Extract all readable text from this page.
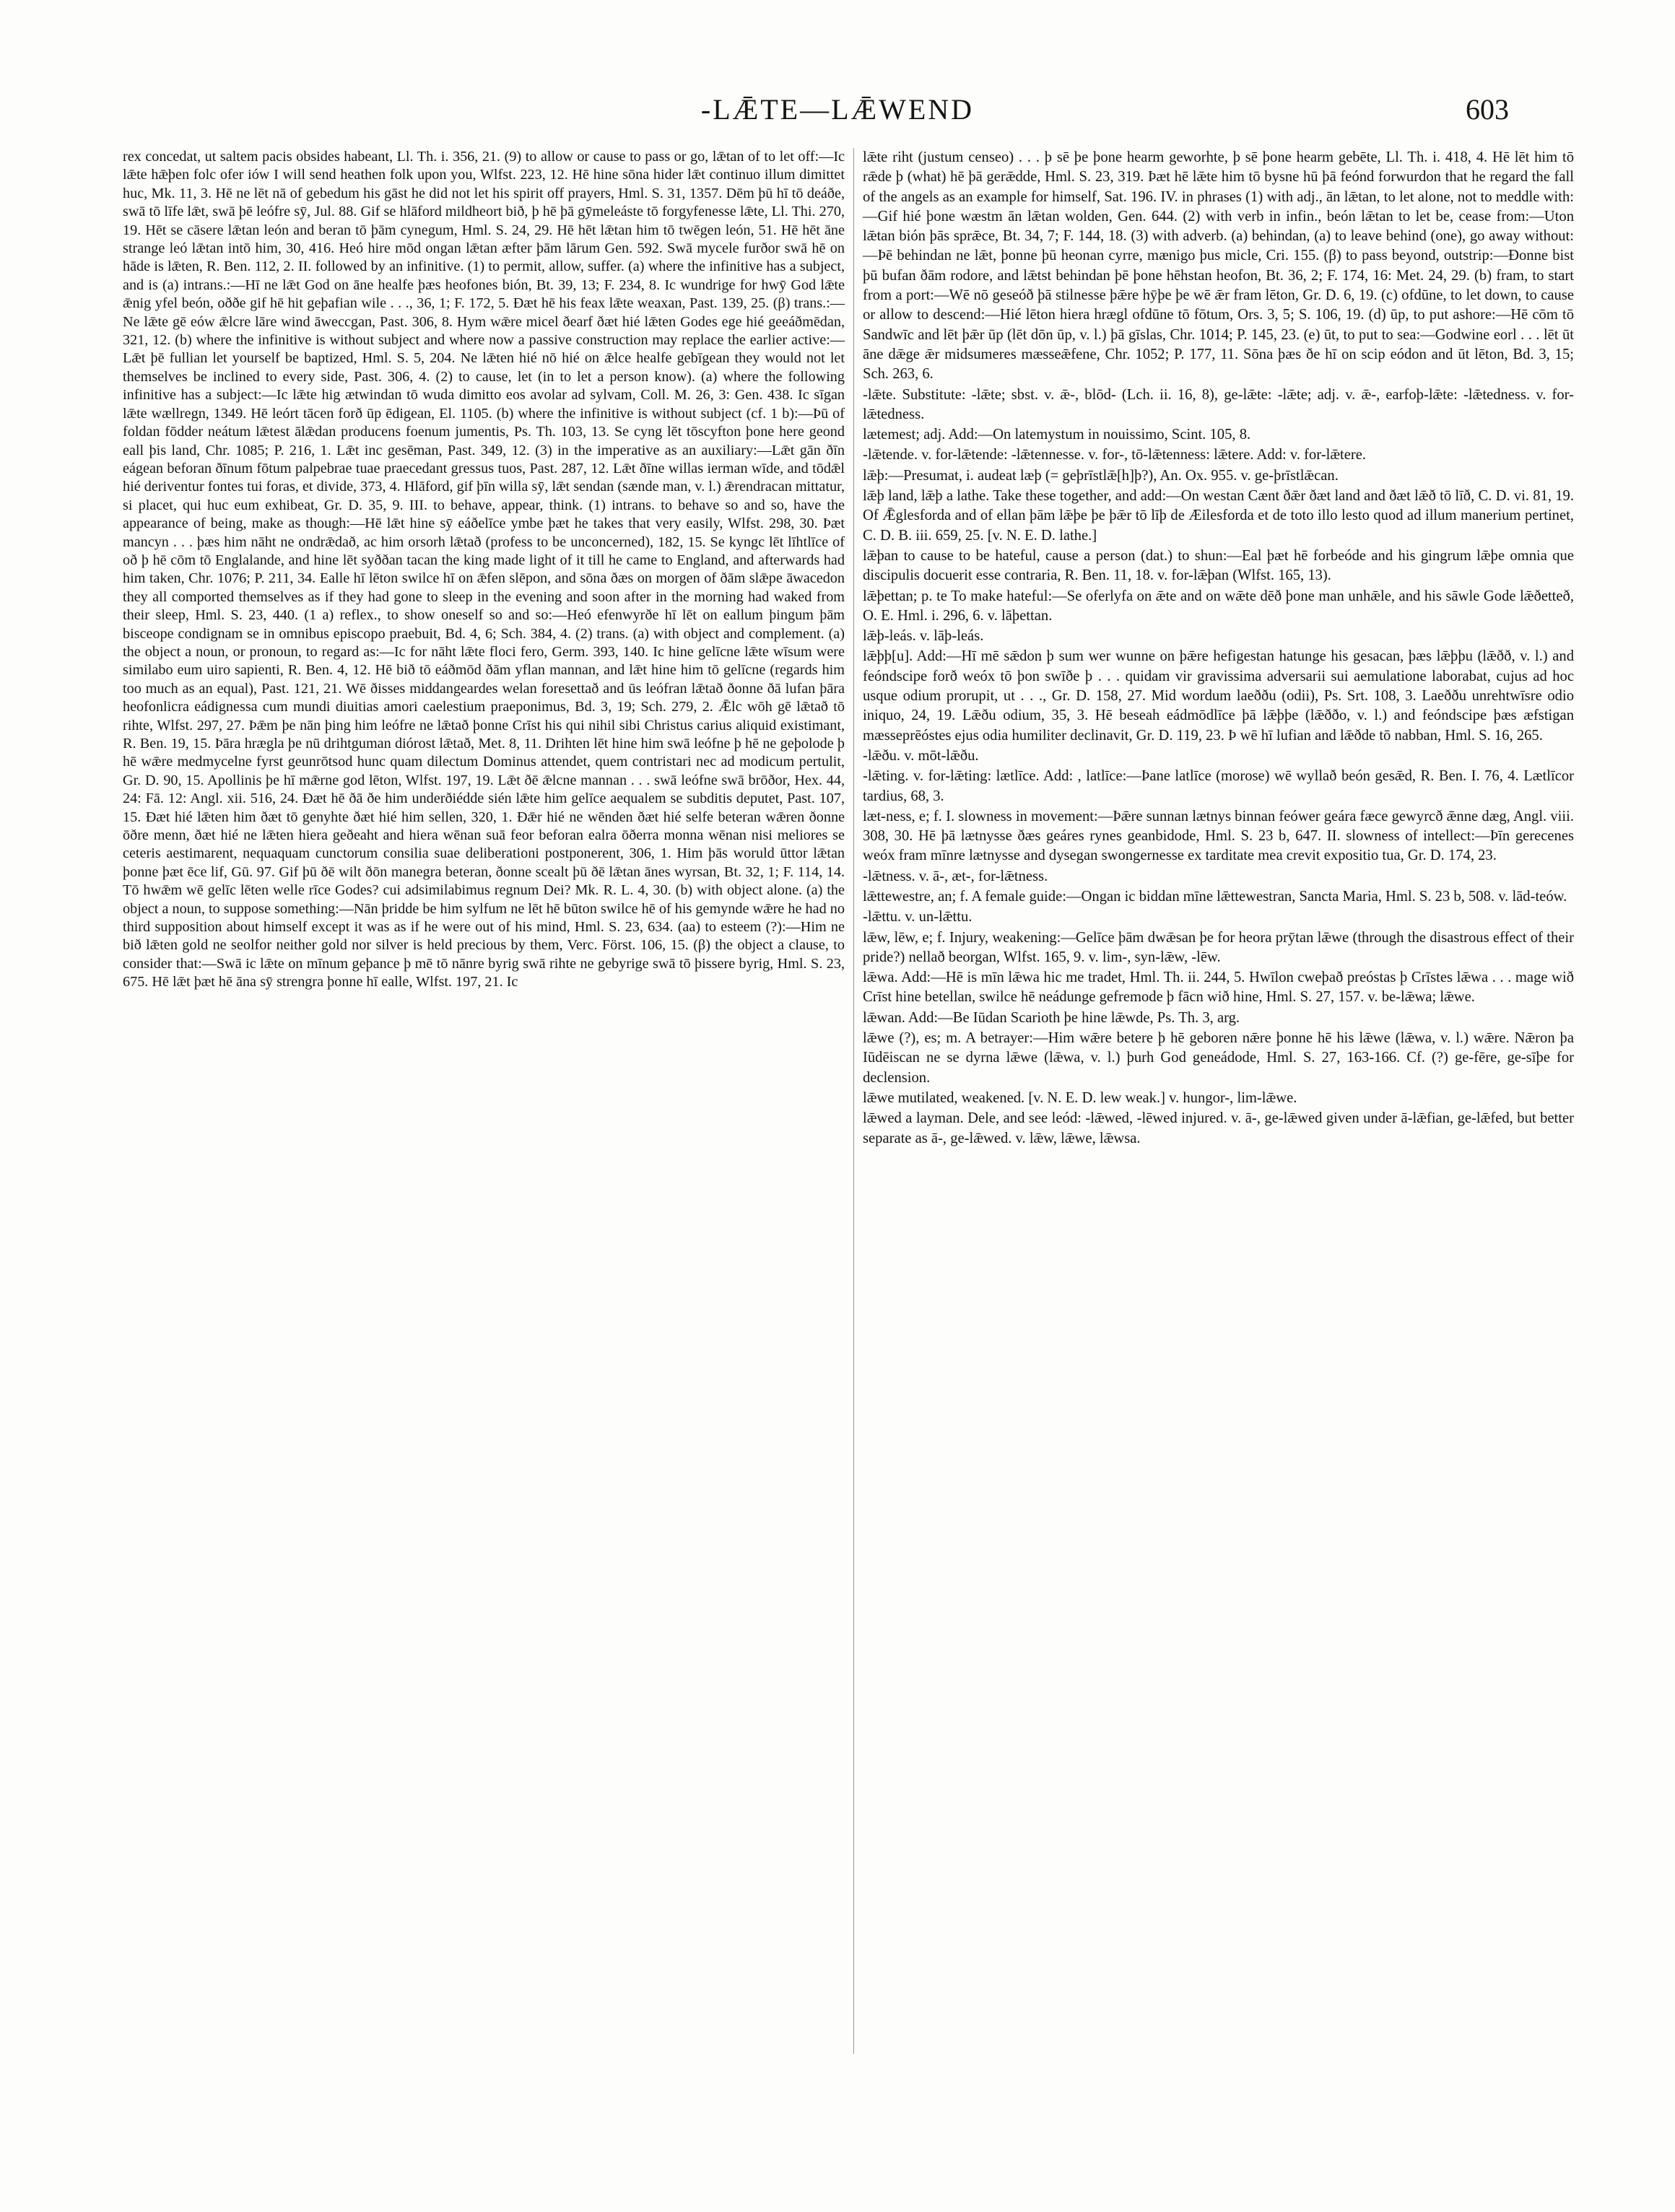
-LǢTE—LǢWEND	603

rex concedat, ut saltem pacis obsides habeant, Ll. Th. i. 356, 21. (9) to allow or cause to pass or go, lǣtan of to let off:—Ic lǣte hǣþen folc ofer iów I will send heathen folk upon you, Wlfst. 223, 12. Hē hine sōna hider lǣt continuo illum dimittet huc, Mk. 11, 3. Hē ne lēt nā of gebedum his gāst he did not let his spirit off prayers, Hml. S. 31, 1357. Dēm þū hī tō deáðe, swā tō līfe lǣt, swā þē leófre sȳ, Jul. 88. Gif se hlāford mildheort bið, þ hē þā gȳmeleáste tō forgyfenesse lǣte, Ll. Thi. 270, 19. Hēt se cāsere lǣtan león and beran tō þām cynegum, Hml. S. 24, 29. Hē hēt lǣtan him tō twēgen león, 51. Hē hēt āne strange leó lǣtan intō him, 30, 416. Heó hire mōd ongan lǣtan æfter þām lārum Gen. 592. Swā mycele furðor swā hē on hāde is lǣten, R. Ben. 112, 2. II. followed by an infinitive. (1) to permit, allow, suffer. (a) where the infinitive has a subject, and is (a) intrans.:—Hī ne lǣt God on āne healfe þæs heofones bión, Bt. 39, 13; F. 234, 8. Ic wundrige for hwȳ God lǣte ǣnig yfel beón, oððe gif hē hit geþafian wile . . ., 36, 1; F. 172, 5. Ðæt hē his feax lǣte weaxan, Past. 139, 25. (β) trans.:—Ne lǣte gē eów ǣlcre lāre wind āweccgan, Past. 306, 8. Hym wǣre micel ðearf ðæt hié lǣten Godes ege hié geeáðmēdan, 321, 12. (b) where the infinitive is without subject and where now a passive construction may replace the earlier active:—Lǣt þē fullian let yourself be baptized, Hml. S. 5, 204. Ne lǣten hié nō hié on ǣlce healfe gebīgean they would not let themselves be inclined to every side, Past. 306, 4. (2) to cause, let (in to let a person know). (a) where the following infinitive has a subject:—Ic lǣte hig ætwindan tō wuda dimitto eos avolar ad sylvam, Coll. M. 26, 3: Gen. 438. Ic sīgan lǣte wællregn, 1349. Hē leórt tācen forð ūp ēdigean, El. 1105. (b) where the infinitive is without subject (cf. 1 b):—Þū of foldan fōdder neátum lǣtest ālǣdan producens foenum jumentis, Ps. Th. 103, 13. Se cyng lēt tōscyfton þone here geond eall þis land, Chr. 1085; P. 216, 1. Lǣt inc gesēman, Past. 349, 12. (3) in the imperative as an auxiliary:—Lǣt gān ðīn eágean beforan ðīnum fōtum palpebrae tuae praecedant gressus tuos, Past. 287, 12. Lǣt ðīne willas ierman wīde, and tōdǣl hié deriventur fontes tui foras, et divide, 373, 4. Hlāford, gif þīn willa sȳ, lǣt sendan (sænde man, v. l.) ǣrendracan mittatur, si placet, qui huc eum exhibeat, Gr. D. 35, 9. III. to behave, appear, think. (1) intrans. to behave so and so, have the appearance of being, make as though:—Hē lǣt hine sȳ eáðelīce ymbe þæt he takes that very easily, Wlfst. 298, 30. Þæt mancyn . . . þæs him nāht ne ondrǣdað, ac him orsorh lǣtað (profess to be unconcerned), 182, 15. Se kyngc lēt līhtlīce of oð þ hē cōm tō Englalande, and hine lēt syððan tacan the king made light of it till he came to England, and afterwards had him taken, Chr. 1076; P. 211, 34. Ealle hī lēton swilce hī on ǣfen slēpon, and sōna ðæs on morgen of ðām slǣpe āwacedon they all comported themselves as if they had gone to sleep in the evening and soon after in the morning had waked from their sleep, Hml. S. 23, 440. (1 a) reflex., to show oneself so and so:—Heó efenwyrðe hī lēt on eallum þingum þām bisceope condignam se in omnibus episcopo praebuit, Bd. 4, 6; Sch. 384, 4. (2) trans. (a) with object and complement. (a) the object a noun, or pronoun, to regard as:—Ic for nāht lǣte floci fero, Germ. 393, 140. Ic hine gelīcne lǣte wīsum were similabo eum uiro sapienti, R. Ben. 4, 12. Hē bið tō eáðmōd ðām yflan mannan, and lǣt hine him tō gelīcne (regards him too much as an equal), Past. 121, 21. Wē ðisses middangeardes welan foresettað and ūs leófran lǣtað ðonne ðā lufan þāra heofonlicra eádignessa cum mundi diuitias amori caelestium praeponimus, Bd. 3, 19; Sch. 279, 2. Ǣlc wōh gē lǣtað tō rihte, Wlfst. 297, 27. Þǣm þe nān þing him leófre ne lǣtað þonne Crīst his qui nihil sibi Christus carius aliquid existimant, R. Ben. 19, 15. Þāra hrægla þe nū drihtguman diórost lǣtað, Met. 8, 11. Drihten lēt hine him swā leófne þ hē ne geþolode þ hē wǣre medmycelne fyrst geunrōtsod hunc quam dilectum Dominus attendet, quem contristari nec ad modicum pertulit, Gr. D. 90, 15. Apollinis þe hī mǣrne god lēton, Wlfst. 197, 19. Lǣt ðē ǣlcne mannan . . . swā leófne swā brōðor, Hex. 44, 24: Fā. 12: Angl. xii. 516, 24. Ðæt hē ðā ðe him underðiédde sién lǣte him gelīce aequalem se subditis deputet, Past. 107, 15. Ðæt hié lǣten him ðæt tō genyhte ðæt hié him sellen, 320, 1. Ðǣr hié ne wēnden ðæt hié selfe beteran wǣren ðonne ōðre menn, ðæt hié ne lǣten hiera geðeaht and hiera wēnan suā feor beforan ealra ōðerra monna wēnan nisi meliores se ceteris aestimarent, nequaquam cunctorum consilia suae deliberationi postponerent, 306, 1. Him þās woruld ūttor lǣtan þonne þæt ēce lif, Gū. 97. Gif þū ðē wilt ðōn manegra beteran, ðonne scealt þū ðē lǣtan ānes wyrsan, Bt. 32, 1; F. 114, 14. Tō hwǣm wē gelīc lēten welle rīce Godes? cui adsimilabimus regnum Dei? Mk. R. L. 4, 30. (b) with object alone. (a) the object a noun, to suppose something:—Nān þridde be him sylfum ne lēt hē būton swilce hē of his gemynde wǣre he had no third supposition about himself except it was as if he were out of his mind, Hml. S. 23, 634. (aa) to esteem (?):—Him ne bið lǣten gold ne seolfor neither gold nor silver is held precious by them, Verc. Först. 106, 15. (β) the object a clause, to consider that:—Swā ic lǣte on mīnum geþance þ mē tō nānre byrig swā rihte ne gebyrige swā tō þissere byrig, Hml. S. 23, 675. Hē lǣt þæt hē āna sȳ strengra þonne hī ealle, Wlfst. 197, 21. Ic

lǣte riht (justum censeo) . . . þ sē þe þone hearm geworhte, þ sē þone hearm gebēte, Ll. Th. i. 418, 4. Hē lēt him tō rǣde þ (what) hē þā gerǣdde, Hml. S. 23, 319. Þæt hē lǣte him tō bysne hū þā feónd forwurdon that he regard the fall of the angels as an example for himself, Sat. 196. IV. in phrases (1) with adj., ān lǣtan, to let alone, not to meddle with:—Gif hié þone wæstm ān lǣtan wolden, Gen. 644. (2) with verb in infin., beón lǣtan to let be, cease from:—Uton lǣtan bión þās sprǣce, Bt. 34, 7; F. 144, 18. (3) with adverb. (a) behindan, (a) to leave behind (one), go away without:—Þē behindan ne lǣt, þonne þū heonan cyrre, mænigo þus micle, Cri. 155. (β) to pass beyond, outstrip:—Ðonne bist þū bufan ðām rodore, and lǣtst behindan þē þone hēhstan heofon, Bt. 36, 2; F. 174, 16: Met. 24, 29. (b) fram, to start from a port:—Wē nō geseóð þā stilnesse þǣre hȳþe þe wē ǣr fram lēton, Gr. D. 6, 19. (c) ofdūne, to let down, to cause or allow to descend:—Hié lēton hiera hrægl ofdūne tō fōtum, Ors. 3, 5; S. 106, 19. (d) ūp, to put ashore:—Hē cōm tō Sandwīc and lēt þǣr ūp (lēt dōn ūp, v. l.) þā gīslas, Chr. 1014; P. 145, 23. (e) ūt, to put to sea:—Godwine eorl . . . lēt ūt āne dǣge ǣr midsumeres mæsseǣfene, Chr. 1052; P. 177, 11. Sōna þæs ðe hī on scip eódon and ūt lēton, Bd. 3, 15; Sch. 263, 6.

-lǣte. Substitute: -lǣte; sbst. v. ǣ-, blōd- (Lch. ii. 16, 8), ge-lǣte: -lǣte; adj. v. ǣ-, earfoþ-lǣte: -lǣtedness. v. for-lǣtedness.

lætemest; adj. Add:—On latemystum in nouissimo, Scint. 105, 8.

-lǣtende. v. for-lǣtende: -lǣtennesse. v. for-, tō-lǣtenness: lǣtere. Add: v. for-lǣtere.

lǣþ:—Presumat, i. audeat læþ (= geþrīstlǣ[h]þ?), An. Ox. 955. v. ge-þrīstlǣcan.

lǣþ land, lǣþ a lathe. Take these together, and add:—On westan Cænt ðǣr ðæt land and ðæt lǣð tō līð, C. D. vi. 81, 19. Of Ǣglesforda and of ellan þām lǣþe þe þǣr tō līþ de Æilesforda et de toto illo lesto quod ad illum manerium pertinet, C. D. B. iii. 659, 25. [v. N. E. D. lathe.]

lǣþan to cause to be hateful, cause a person (dat.) to shun:—Eal þæt hē forbeóde and his gingrum lǣþe omnia que discipulis docuerit esse contraria, R. Ben. 11, 18. v. for-lǣþan (Wlfst. 165, 13).

lǣþettan; p. te To make hateful:—Se oferlyfa on ǣte and on wǣte dēð þone man unhǣle, and his sāwle Gode lǣðetteð, O. E. Hml. i. 296, 6. v. lāþettan.

lǣþ-leás. v. lāþ-leás.

lǣþþ[u]. Add:—Hī mē sǣdon þ sum wer wunne on þǣre hefigestan hatunge his gesacan, þæs lǣþþu (lǣðð, v. l.) and feóndscipe forð weóx tō þon swīðe þ . . . quidam vir gravissima adversarii sui aemulatione laborabat, cujus ad hoc usque odium prorupit, ut . . ., Gr. D. 158, 27. Mid wordum laeððu (odii), Ps. Srt. 108, 3. Laeððu unrehtwīsre odio iniquo, 24, 19. Lǣðu odium, 35, 3. Hē beseah eádmōdlīce þā lǣþþe (lǣððo, v. l.) and feóndscipe þæs æfstigan mæsseprēóstes ejus odia humiliter declinavit, Gr. D. 119, 23. Þ wē hī lufian and lǣðde tō nabban, Hml. S. 16, 265.

-lǣðu. v. mōt-lǣðu.

-lǣting. v. for-lǣting: lætlīce. Add: , latlīce:—Þane latlīce (morose) wē wyllað beón gesǣd, R. Ben. I. 76, 4. Lætlīcor tardius, 68, 3.

læt-ness, e; f. I. slowness in movement:—Þǣre sunnan lætnys binnan feówer geára fæce gewyrcð ǣnne dæg, Angl. viii. 308, 30. Hē þā lætnysse ðæs geáres rynes geanbidode, Hml. S. 23 b, 647. II. slowness of intellect:—Þīn gerecenes weóx fram mīnre lætnysse and dysegan swongernesse ex tarditate mea crevit expositio tua, Gr. D. 174, 23.

-lǣtness. v. ā-, æt-, for-lǣtness.

lǣttewestre, an; f. A female guide:—Ongan ic biddan mīne lǣttewestran, Sancta Maria, Hml. S. 23 b, 508. v. lād-teów.

-lǣttu. v. un-lǣttu.

lǣw, lēw, e; f. Injury, weakening:—Gelīce þām dwǣsan þe for heora prȳtan lǣwe (through the disastrous effect of their pride?) nellað beorgan, Wlfst. 165, 9. v. lim-, syn-lǣw, -lēw.

lǣwa. Add:—Hē is mīn lǣwa hic me tradet, Hml. Th. ii. 244, 5. Hwīlon cweþað preóstas þ Crīstes lǣwa . . . mage wið Crīst hine betellan, swilce hē neádunge gefremode þ fācn wið hine, Hml. S. 27, 157. v. be-lǣwa; lǣwe.

lǣwan. Add:—Be Iūdan Scarioth þe hine lǣwde, Ps. Th. 3, arg.

lǣwe (?), es; m. A betrayer:—Him wǣre betere þ hē geboren nǣre þonne hē his lǣwe (lǣwa, v. l.) wǣre. Nǣron þa Iūdēiscan ne se dyrna lǣwe (lǣwa, v. l.) þurh God geneádode, Hml. S. 27, 163-166. Cf. (?) ge-fēre, ge-sīþe for declension.

lǣwe mutilated, weakened. [v. N. E. D. lew weak.] v. hungor-, lim-lǣwe.

lǣwed a layman. Dele, and see leód: -lǣwed, -lēwed injured. v. ā-, ge-lǣwed given under ā-lǣfian, ge-lǣfed, but better separate as ā-, ge-lǣwed. v. lǣw, lǣwe, lǣwsa.
